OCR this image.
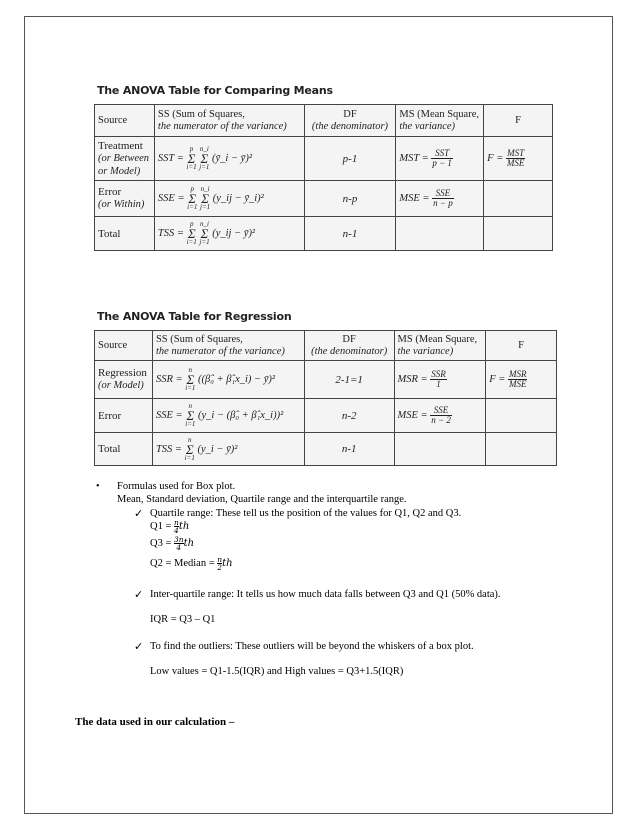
The ANOVA Table for Comparing Means
Source	SS (Sum of Squares,
the numerator of the variance)	DF
(the denominator)	MS (Mean Square,
the variance)	F
Treatment
(or Between
or Model)	SST = p
Σ
i=1 n_i
Σ
j=1 (ȳ_i − ȳ)²	p-1	MST = $\frac{\text{SST}}{p - 1}$	$F = \frac{\text{MST}}{\text{MSE}}$

Error
(or Within)	SSE = p
Σ
i=1 n_i
Σ
j=1 (y_ij − ȳ_i)²	n-p	MSE = $\frac{\text{SSE}}{n - p}$

Total	TSS = p
Σ
i=1 n_i
Σ
j=1 (y_ij − ȳ)²	n-1		
The ANOVA Table for Regression
Source	SS (Sum of Squares,
the numerator of the variance)	DF
(the denominator)	MS (Mean Square,
the variance)	F
Regression
(or Model)	SSR = n
Σ
i=1 ((β̂₀ + β̂₁x_i) − ȳ)²	2-1=1	MSR = $\frac{\text{SSR}}{1}$	$F = \frac{\text{MSR}}{\text{MSE}}$

Error	SSE = n
Σ
i=1 (y_i − (β̂₀ + β̂₁x_i))²	n-2	MSE = $\frac{\text{SSE}}{n - 2}$

Total	TSS = n
Σ
i=1 (y_i − ȳ)²	n-1		
• Formulas used for Box plot.
Mean, Standard deviation, Quartile range and the interquartile range.
✓ Quartile range: These tell us the position of the values for Q1, Q2 and Q3.
$Q1 = \frac{n}{4}$ th
$Q3 = \frac{3n}{4}$ th
Q2 = Median = $\frac{n}{2}$ th
✓ Inter-quartile range: It tells us how much data falls between Q3 and Q1 (50% data).
IQR = Q3 – Q1
✓ To find the outliers: These outliers will be beyond the whiskers of a box plot.
Low values = Q1-1.5(IQR) and High values = Q3+1.5(IQR)
The data used in our calculation –
